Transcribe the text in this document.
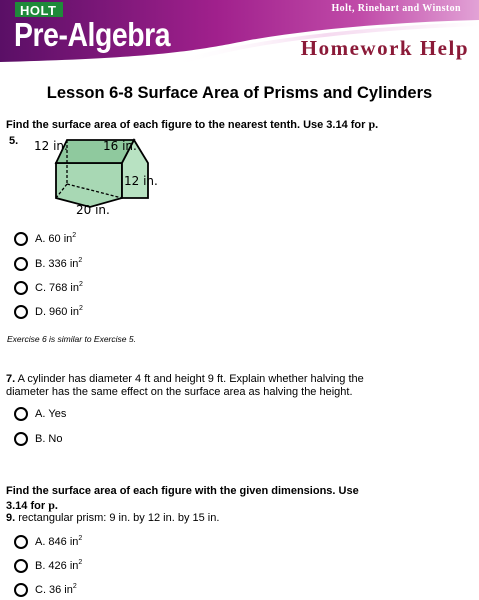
HOLT
Pre-Algebra
Holt, Rinehart and Winston
Homework Help
Lesson 6-8 Surface Area of Prisms and Cylinders

Find the surface area of each figure to the nearest tenth. Use 3.14 for p.

5. 12 in.	16 in.
12 in.
20 in.
A. 60 $in^2$
B. 336 $in^2$
C. 768 $in^2$
D. 960 $in^2$
Exercise 6 is similar to Exercise 5.

7. A cylinder has diameter 4 ft and height 9 ft. Explain whether halving the diameter has the same effect on the surface area as halving the height.

A. Yes
B. No

Find the surface area of each figure with the given dimensions. Use 3.14 for p.

9. rectangular prism: 9 in. by 12 in. by 15 in.

A. 846 $in^2$
B. 426 $in^2$
C. 36 $in^2$
